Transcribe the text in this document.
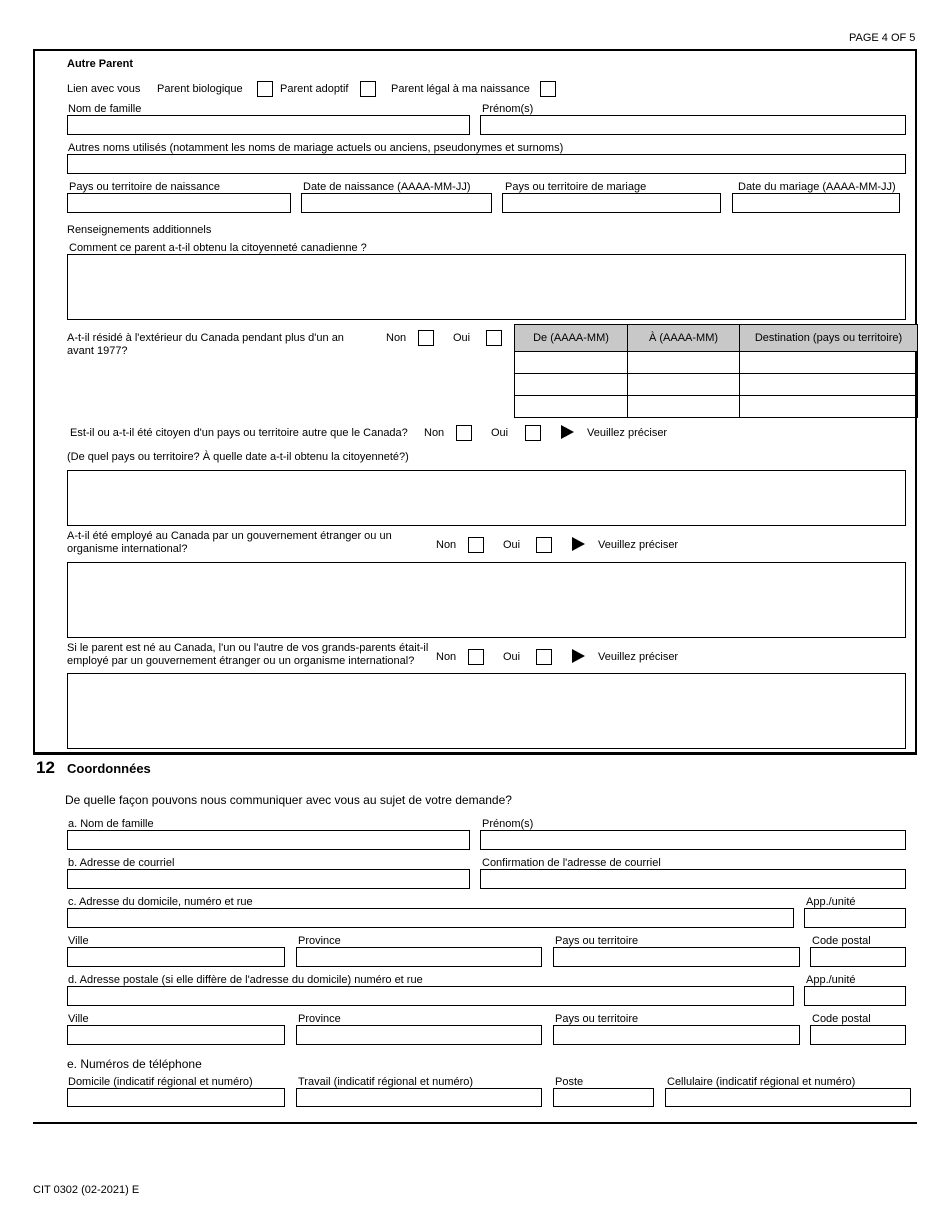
PAGE 4 OF 5
Autre Parent
Lien avec vous Parent biologique	Parent adoptif	Parent légal à ma naissance
Nom de famille	Prénom(s)
Autres noms utilisés (notamment les noms de mariage actuels ou anciens, pseudonymes et surnoms)
Pays ou territoire de naissance	Date de naissance (AAAA-MM-JJ)	Pays ou territoire de mariage	Date du mariage (AAAA-MM-JJ)
Renseignements additionnels
Comment ce parent a-t-il obtenu la citoyenneté canadienne ?
A-t-il résidé à l'extérieur du Canada pendant plus d'un an avant 1977?
Non	Oui	De (AAAA-MM)	À (AAAA-MM)	Destination (pays ou territoire)

Est-il ou a-t-il été citoyen d'un pays ou territoire autre que le Canada? Non	Oui	Veuillez préciser
(De quel pays ou territoire? À quelle date a-t-il obtenu la citoyenneté?)
A-t-il été employé au Canada par un gouvernement étranger ou un organisme international?	Non	Oui	Veuillez préciser
Si le parent est né au Canada, l'un ou l'autre de vos grands-parents était-il employé par un gouvernement étranger ou un organisme international?	Non	Oui	Veuillez préciser
12 Coordonnées
De quelle façon pouvons nous communiquer avec vous au sujet de votre demande?
a. Nom de famille	Prénom(s)
b. Adresse de courriel	Confirmation de l'adresse de courriel
c. Adresse du domicile, numéro et rue	App./unité
Ville	Province	Pays ou territoire	Code postal
d. Adresse postale (si elle diffère de l'adresse du domicile) numéro et rue	App./unité
Ville	Province	Pays ou territoire	Code postal
e. Numéros de téléphone
Domicile (indicatif régional et numéro)	Travail (indicatif régional et numéro)	Poste	Cellulaire (indicatif régional et numéro)
CIT 0302 (02-2021) E
